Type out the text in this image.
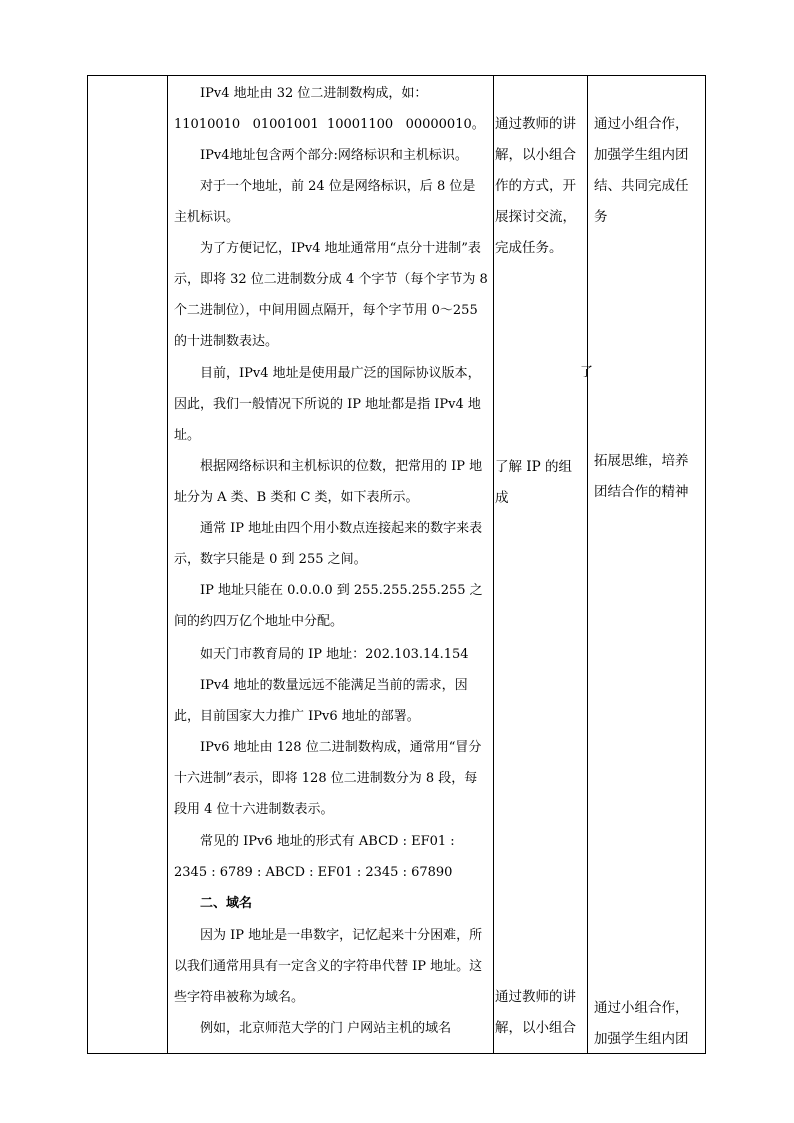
IPv4 地址由 32 位二进制数构成，如：
11010010   01001001  10001100   00000010。
IPv4地址包含两个部分:网络标识和主机标识。
对于一个地址，前 24 位是网络标识，后 8 位是主机标识。
为了方便记忆，IPv4 地址通常用“点分十进制”表示，即将 32 位二进制数分成 4 个字节（每个字节为 8 个二进制位），中间用圆点隔开，每个字节用 0～255 的十进制数表达。
目前，IPv4 地址是使用最广泛的国际协议版本，因此，我们一般情况下所说的 IP 地址都是指 IPv4 地址。
根据网络标识和主机标识的位数，把常用的 IP 地址分为 A 类、B 类和 C 类，如下表所示。
通常 IP 地址由四个用小数点连接起来的数字来表示，数字只能是 0 到 255 之间。
IP 地址只能在 0.0.0.0 到 255.255.255.255 之间的约四万亿个地址中分配。
如天门市教育局的 IP 地址：202.103.14.154
IPv4 地址的数量远远不能满足当前的需求，因此，目前国家大力推广 IPv6 地址的部署。
IPv6 地址由 128 位二进制数构成，通常用“冒分十六进制”表示，即将 128 位二进制数分为 8 段，每段用 4 位十六进制数表示。
常见的 IPv6 地址的形式有 ABCD : EF01 : 2345 : 6789 : ABCD : EF01 : 2345 : 67890
二、域名
因为 IP 地址是一串数字，记忆起来十分困难，所以我们通常用具有一定含义的字符串代替 IP 地址。这些字符串被称为域名。
例如，北京师范大学的门 户网站主机的域名
通过教师的讲解，以小组合作的方式，开展探讨交流，完成任务。
了解 IP 的组成
通过教师的讲解，以小组合
通过小组合作，加强学生组内团结、共同完成任务
拓展思维，培养团结合作的精神
通过小组合作，加强学生组内团
了
